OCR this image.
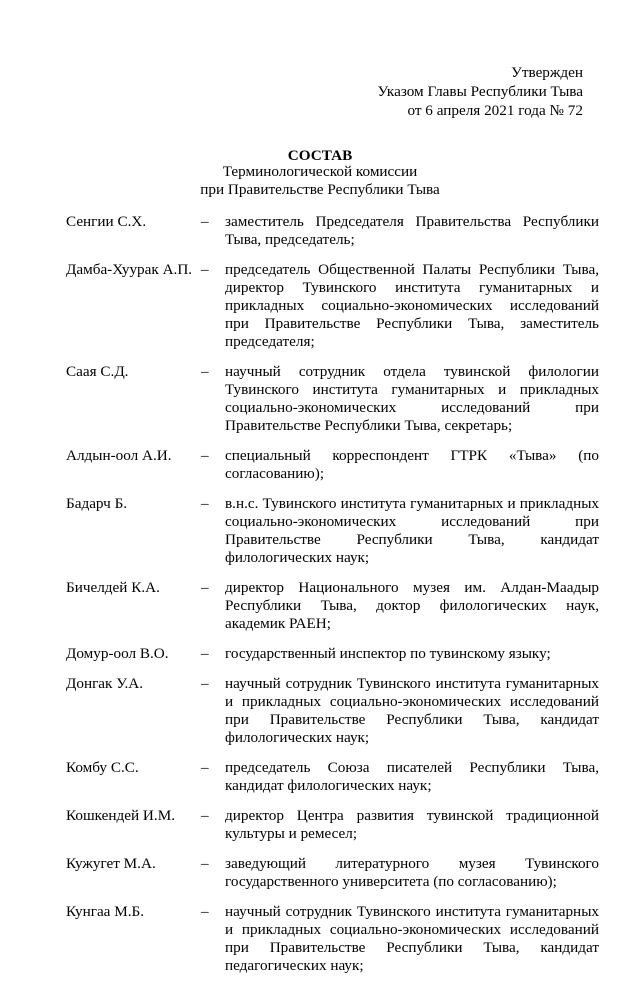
Утвержден
Указом Главы Республики Тыва
от 6 апреля 2021 года № 72
СОСТАВ
Терминологической комиссии
при Правительстве Республики Тыва
Сенгии С.Х.	–	заместитель Председателя Правительства Республики Тыва, председатель;
Дамба-Хуурак А.П. –	председатель Общественной Палаты Республики Тыва, директор Тувинского института гуманитарных и прикладных социально-экономических исследований при Правительстве Республики Тыва, заместитель председателя;
Саая С.Д.	–	научный сотрудник отдела тувинской филологии Тувинского института гуманитарных и прикладных социально-экономических исследований при Правительстве Республики Тыва, секретарь;
Алдын-оол А.И.	–	специальный корреспондент ГТРК «Тыва» (по согласованию);
Бадарч Б.	–	в.н.с. Тувинского института гуманитарных и прикладных социально-экономических исследований при Правительстве Республики Тыва, кандидат филологических наук;
Бичелдей К.А.	–	директор Национального музея им. Алдан-Маадыр Республики Тыва, доктор филологических наук, академик РАЕН;
Домур-оол В.О.	–	государственный инспектор по тувинскому языку;
Донгак У.А.	–	научный сотрудник Тувинского института гуманитарных и прикладных социально-экономических исследований при Правительстве Республики Тыва, кандидат филологических наук;
Комбу С.С.	–	председатель Союза писателей Республики Тыва, кандидат филологических наук;
Кошкендей И.М.	–	директор Центра развития тувинской традиционной культуры и ремесел;
Кужугет М.А.	–	заведующий литературного музея Тувинского государственного университета (по согласованию);
Кунгаа М.Б.	–	научный сотрудник Тувинского института гуманитарных и прикладных социально-экономических исследований при Правительстве Республики Тыва, кандидат педагогических наук;
